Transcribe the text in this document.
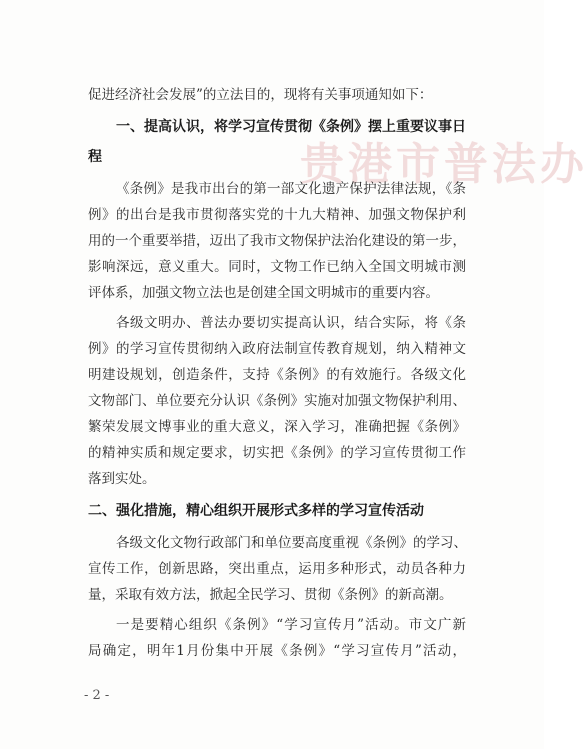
贵港市普法办
促进经济社会发展”的立法目的，现将有关事项通知如下：
一、提高认识，将学习宣传贯彻《条例》摆上重要议事日
程
《条例》是我市出台的第一部文化遗产保护法律法规，《条
例》的出台是我市贯彻落实党的十九大精神、加强文物保护利
用的一个重要举措，迈出了我市文物保护法治化建设的第一步，
影响深远，意义重大。同时，文物工作已纳入全国文明城市测
评体系，加强文物立法也是创建全国文明城市的重要内容。
各级文明办、普法办要切实提高认识，结合实际，将《条
例》的学习宣传贯彻纳入政府法制宣传教育规划，纳入精神文
明建设规划，创造条件，支持《条例》的有效施行。各级文化
文物部门、单位要充分认识《条例》实施对加强文物保护利用、
繁荣发展文博事业的重大意义，深入学习，准确把握《条例》
的精神实质和规定要求，切实把《条例》的学习宣传贯彻工作
落到实处。
二、强化措施，精心组织开展形式多样的学习宣传活动
各级文化文物行政部门和单位要高度重视《条例》的学习、
宣传工作，创新思路，突出重点，运用多种形式，动员各种力
量，采取有效方法，掀起全民学习、贯彻《条例》的新高潮。
一是要精心组织《条例》“学习宣传月”活动。市文广新
局确定，明年1月份集中开展《条例》“学习宣传月”活动，
- 2 -
